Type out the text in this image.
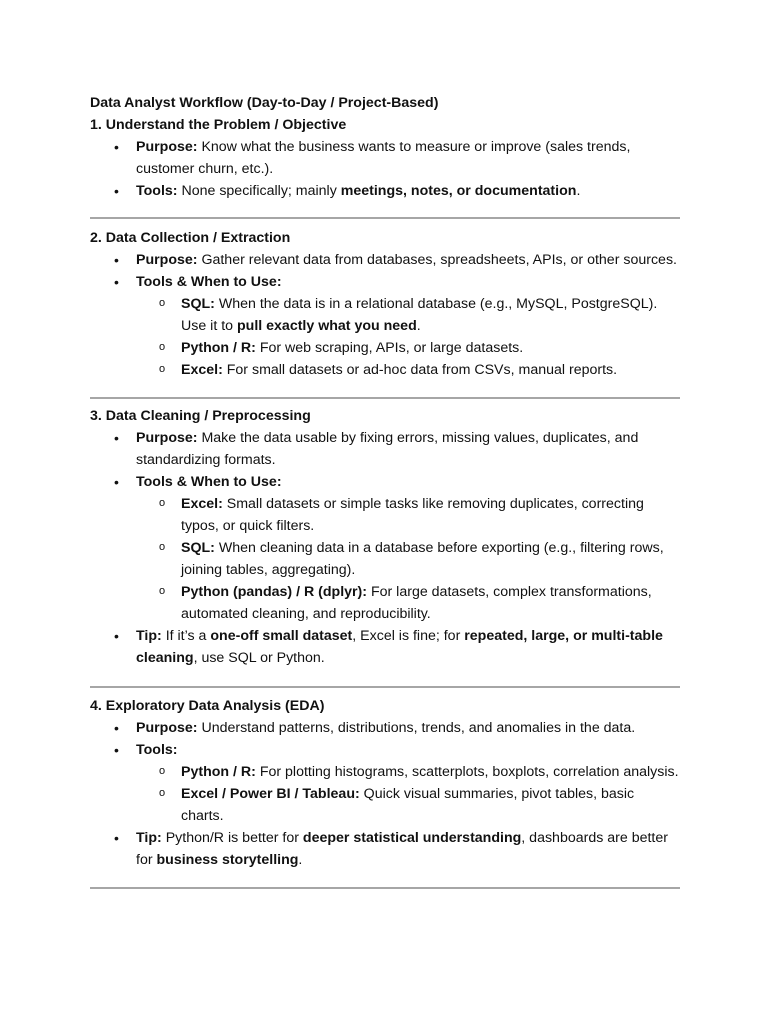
Data Analyst Workflow (Day-to-Day / Project-Based)

1. Understand the Problem / Objective

• Purpose: Know what the business wants to measure or improve (sales trends, customer churn, etc.).
• Tools: None specifically; mainly meetings, notes, or documentation.

2. Data Collection / Extraction

• Purpose: Gather relevant data from databases, spreadsheets, APIs, or other sources.
• Tools & When to Use:
o SQL: When the data is in a relational database (e.g., MySQL, PostgreSQL). Use it to pull exactly what you need.
o Python / R: For web scraping, APIs, or large datasets.
o Excel: For small datasets or ad-hoc data from CSVs, manual reports.

3. Data Cleaning / Preprocessing

• Purpose: Make the data usable by fixing errors, missing values, duplicates, and standardizing formats.
• Tools & When to Use:
o Excel: Small datasets or simple tasks like removing duplicates, correcting typos, or quick filters.
o SQL: When cleaning data in a database before exporting (e.g., filtering rows, joining tables, aggregating).
o Python (pandas) / R (dplyr): For large datasets, complex transformations, automated cleaning, and reproducibility.
• Tip: If it’s a one-off small dataset, Excel is fine; for repeated, large, or multi-table cleaning, use SQL or Python.

4. Exploratory Data Analysis (EDA)

• Purpose: Understand patterns, distributions, trends, and anomalies in the data.
• Tools:
o Python / R: For plotting histograms, scatterplots, boxplots, correlation analysis.
o Excel / Power BI / Tableau: Quick visual summaries, pivot tables, basic charts.
• Tip: Python/R is better for deeper statistical understanding, dashboards are better for business storytelling.
